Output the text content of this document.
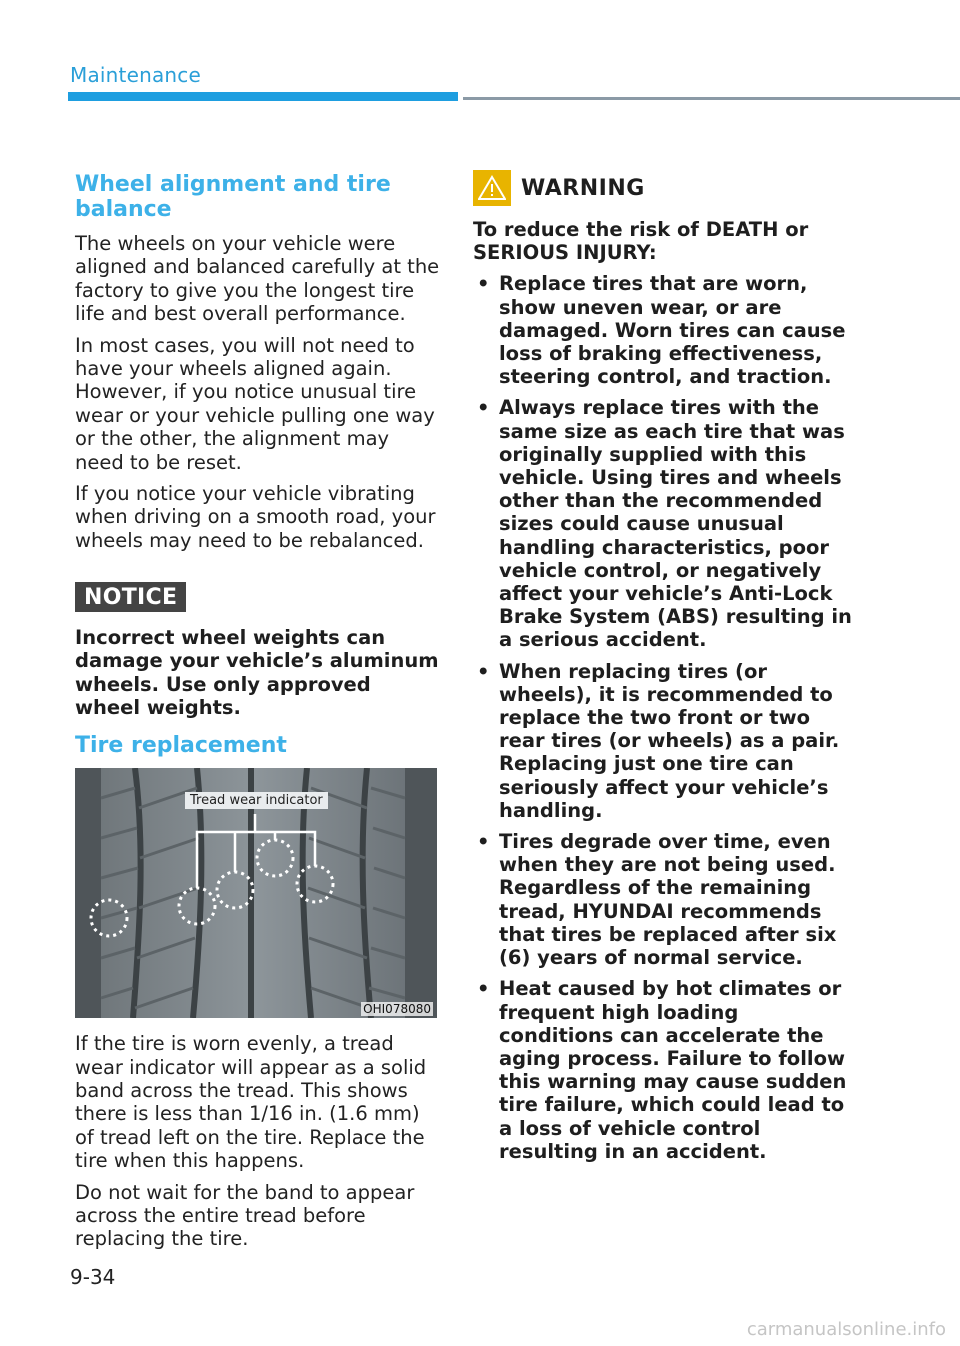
Maintenance
Wheel alignment and tire balance

The wheels on your vehicle were aligned and balanced carefully at the factory to give you the longest tire life and best overall performance.

In most cases, you will not need to have your wheels aligned again. However, if you notice unusual tire wear or your vehicle pulling one way or the other, the alignment may need to be reset.

If you notice your vehicle vibrating when driving on a smooth road, your wheels may need to be rebalanced.

NOTICE

Incorrect wheel weights can damage your vehicle’s aluminum wheels. Use only approved wheel weights.

Tire replacement
Tread wear indicator
OHI078080

If the tire is worn evenly, a tread wear indicator will appear as a solid band across the tread. This shows there is less than 1/16 in. (1.6 mm) of tread left on the tire. Replace the tire when this happens.

Do not wait for the band to appear across the entire tread before replacing the tire.

WARNING

To reduce the risk of DEATH or SERIOUS INJURY:

• Replace tires that are worn, show uneven wear, or are damaged. Worn tires can cause loss of braking effectiveness, steering control, and traction.
• Always replace tires with the same size as each tire that was originally supplied with this vehicle. Using tires and wheels other than the recommended sizes could cause unusual handling characteristics, poor vehicle control, or negatively affect your vehicle’s Anti-Lock Brake System (ABS) resulting in a serious accident.
• When replacing tires (or wheels), it is recommended to replace the two front or two rear tires (or wheels) as a pair. Replacing just one tire can seriously affect your vehicle’s handling.
• Tires degrade over time, even when they are not being used. Regardless of the remaining tread, HYUNDAI recommends that tires be replaced after six (6) years of normal service.
• Heat caused by hot climates or frequent high loading conditions can accelerate the aging process. Failure to follow this warning may cause sudden tire failure, which could lead to a loss of vehicle control resulting in an accident.
9-34
carmanualsonline.info
